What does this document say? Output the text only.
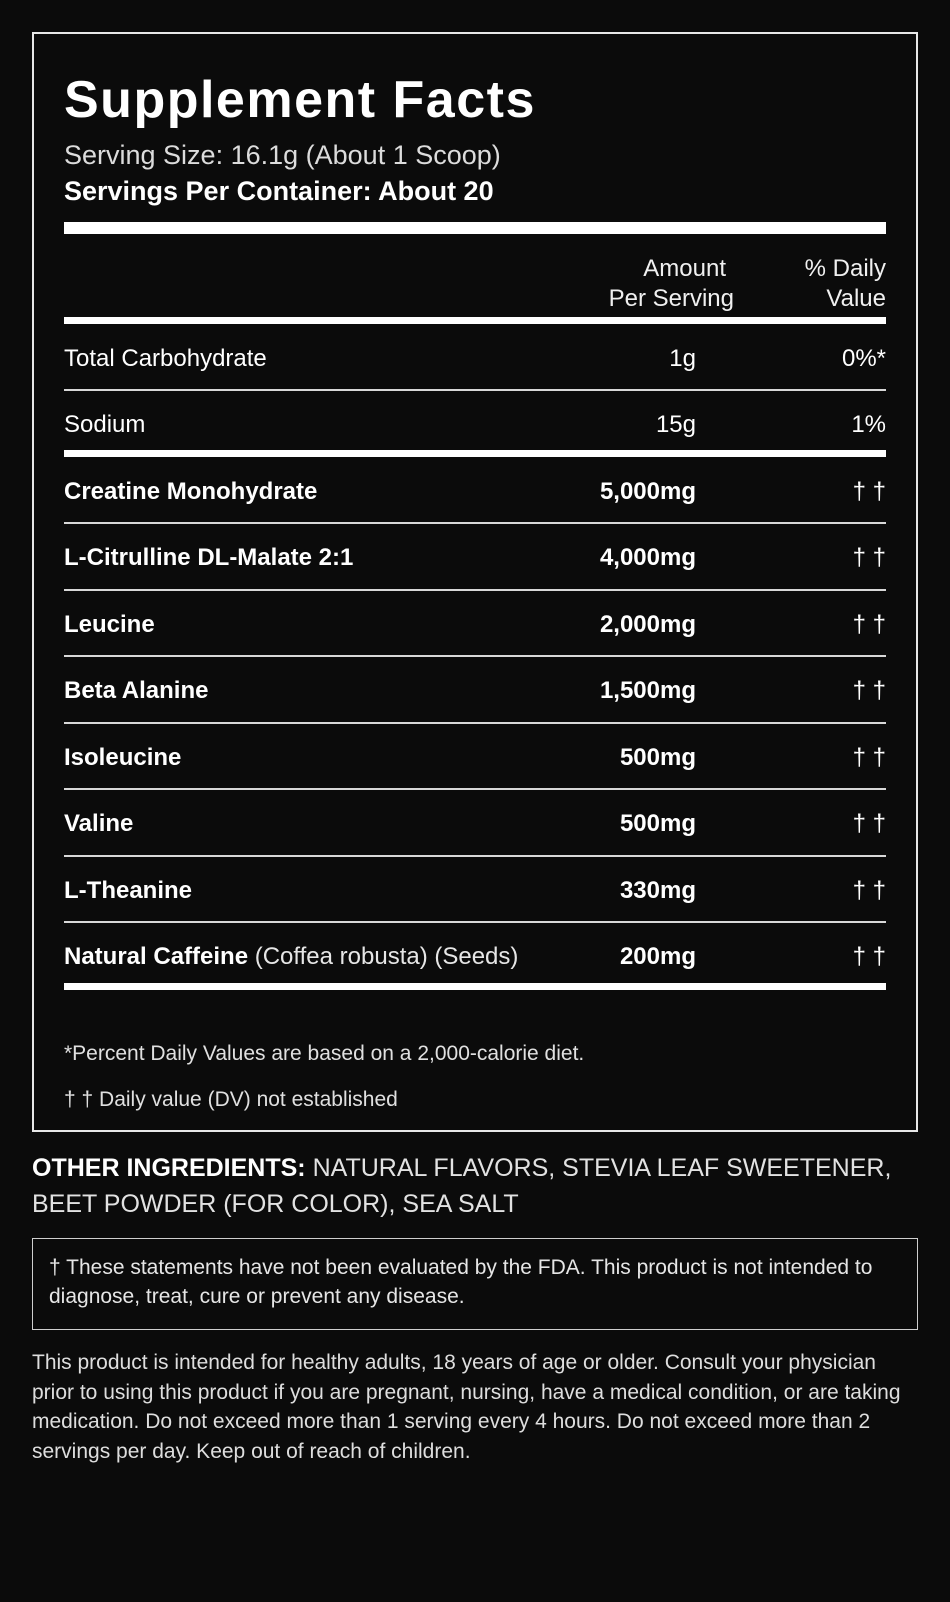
Supplement Facts
Serving Size: 16.1g (About 1 Scoop)
Servings Per Container: About 20
Amount
Per Serving
% Daily
Value
Total Carbohydrate	1g	0%*
Sodium	15g	1%
Creatine Monohydrate	5,000mg	† †
L-Citrulline DL-Malate 2:1	4,000mg	† †
Leucine	2,000mg	† †
Beta Alanine	1,500mg	† †
Isoleucine	500mg	† †
Valine	500mg	† †
L-Theanine	330mg	† †
Natural Caffeine (Coffea robusta) (Seeds)	200mg	† †
*Percent Daily Values are based on a 2,000-calorie diet.
† † Daily value (DV) not established
OTHER INGREDIENTS: NATURAL FLAVORS, STEVIA LEAF SWEETENER, BEET POWDER (FOR COLOR), SEA SALT
† These statements have not been evaluated by the FDA. This product is not intended to diagnose, treat, cure or prevent any disease.
This product is intended for healthy adults, 18 years of age or older. Consult your physician prior to using this product if you are pregnant, nursing, have a medical condition, or are taking medication. Do not exceed more than 1 serving every 4 hours. Do not exceed more than 2 servings per day. Keep out of reach of children.
